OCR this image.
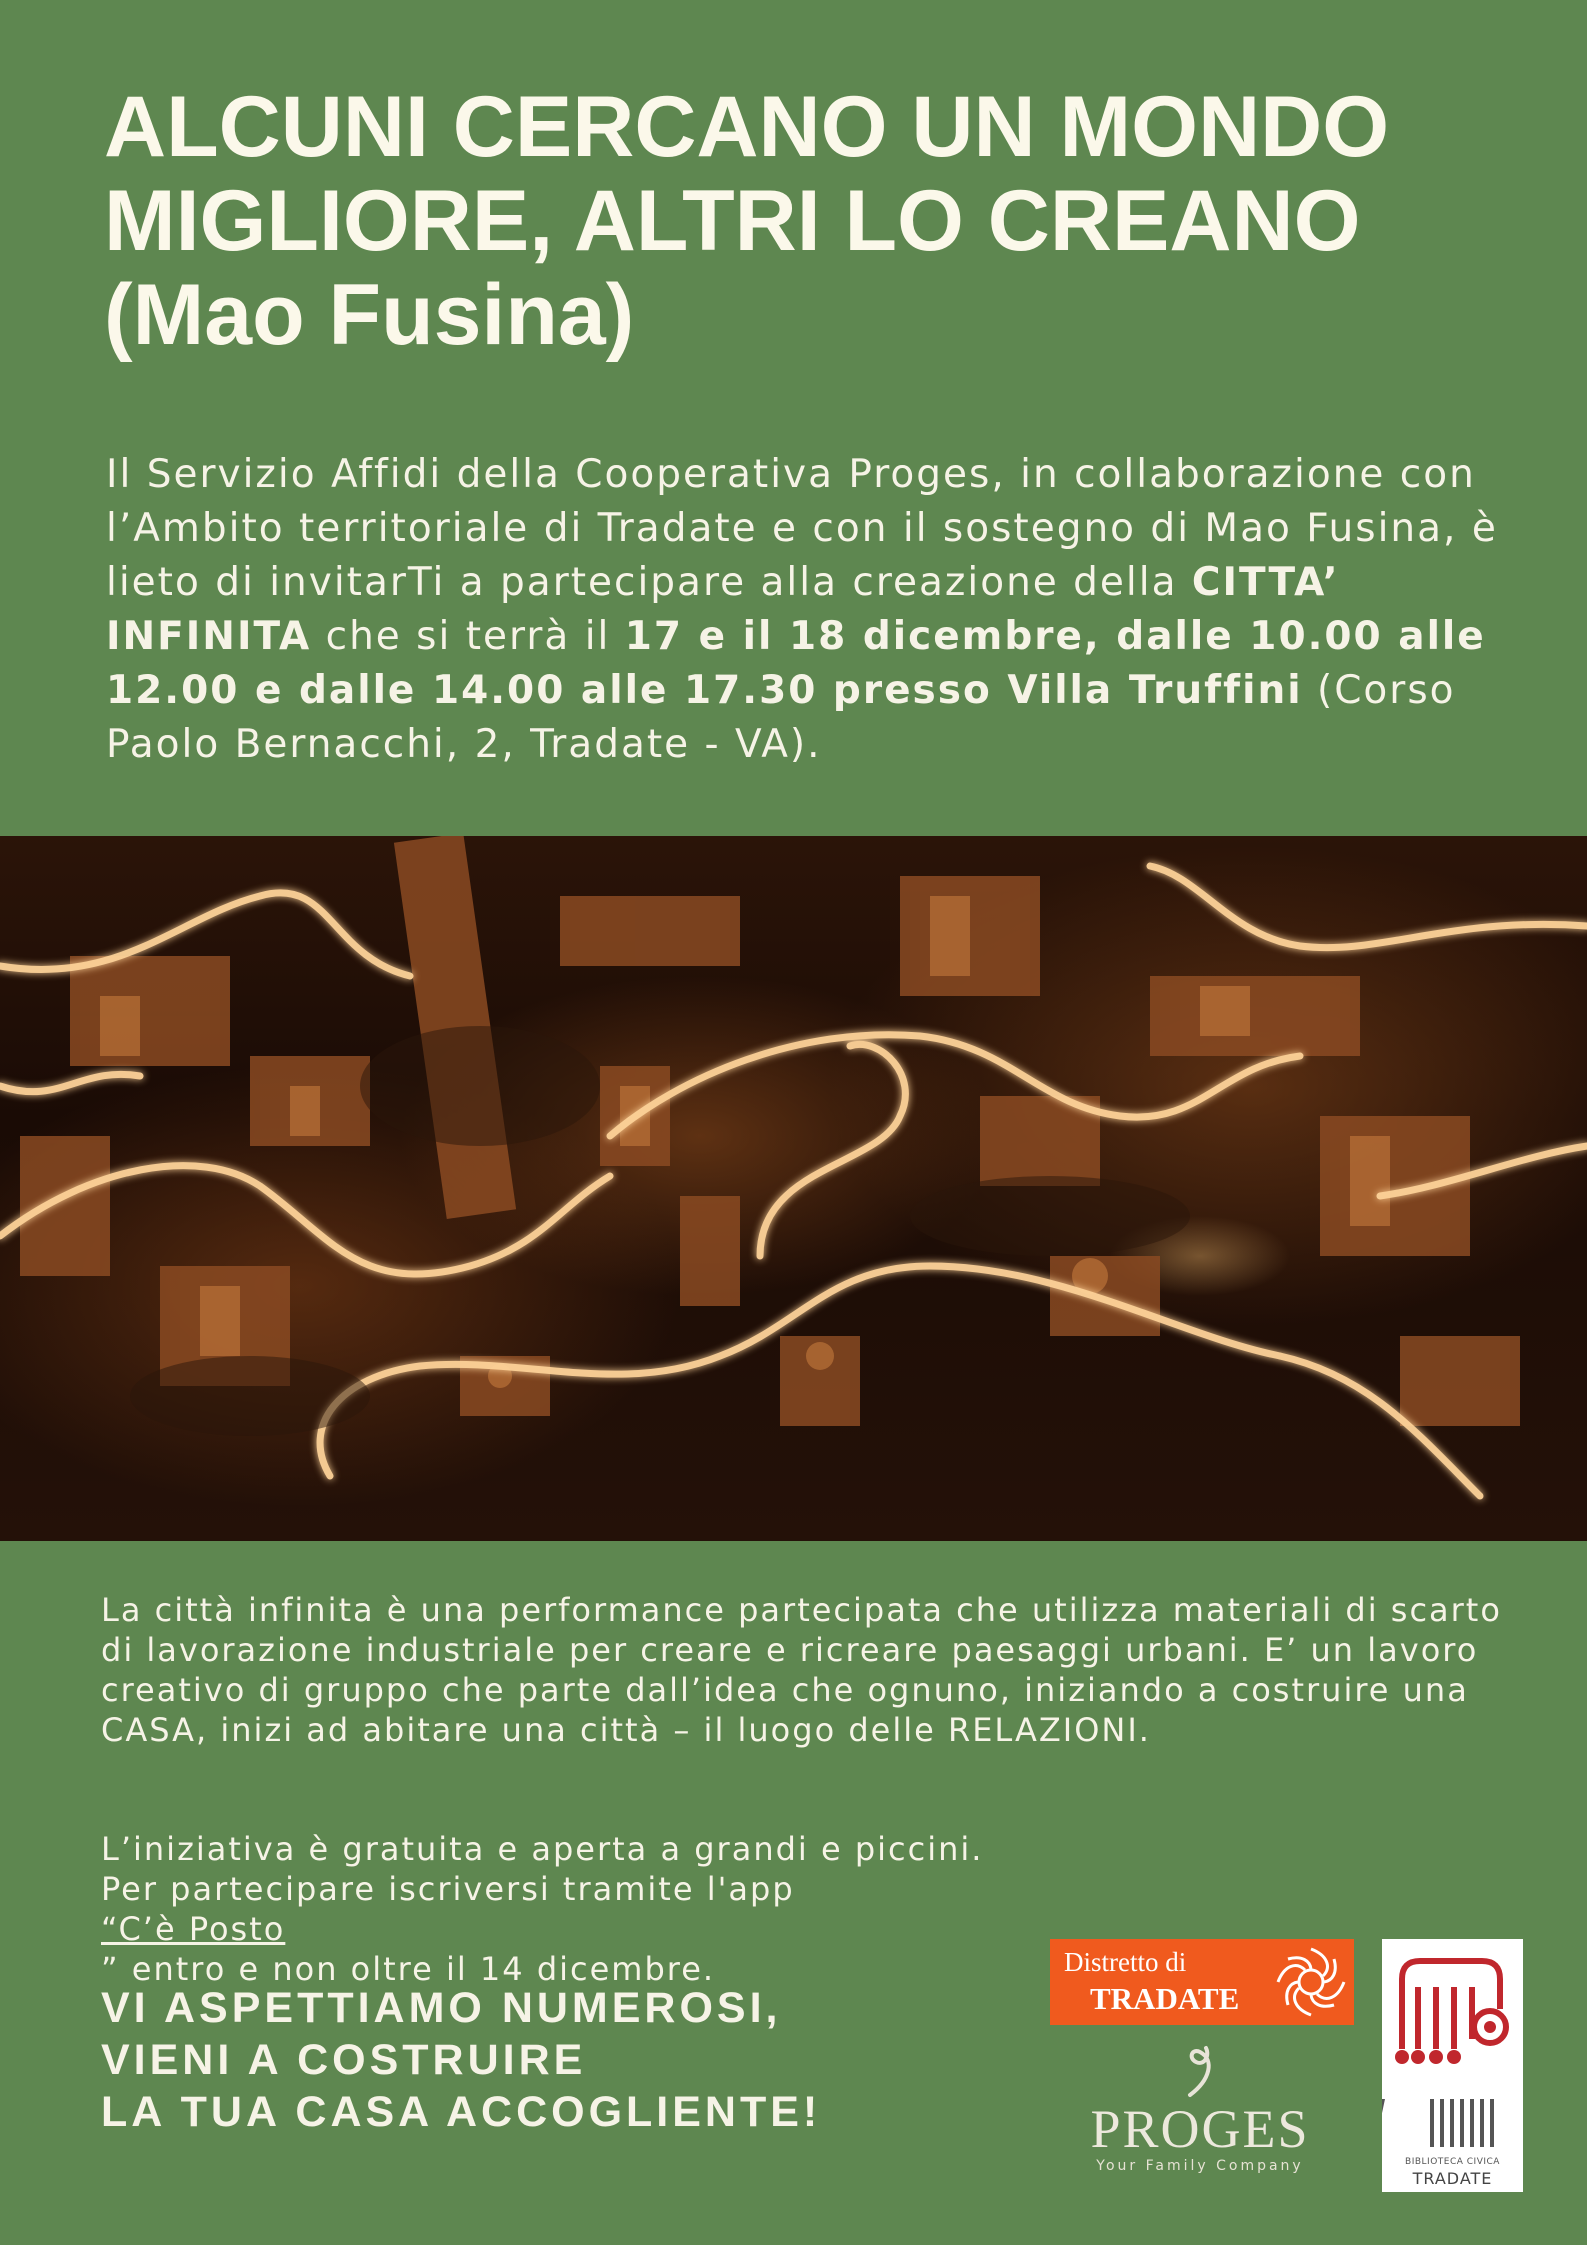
ALCUNI CERCANO UN MONDO
MIGLIORE, ALTRI LO CREANO
(Mao Fusina)

Il Servizio Affidi della Cooperativa Proges, in collaborazione con l’Ambito territoriale di Tradate e con il sostegno di Mao Fusina, è lieto di invitarTi a partecipare alla creazione della CITTA’ INFINITA che si terrà il 17 e il 18 dicembre, dalle 10.00 alle 12.00 e dalle 14.00 alle 17.30 presso Villa Truffini (Corso Paolo Bernacchi, 2, Tradate - VA).

La città infinita è una performance partecipata che utilizza materiali di scarto di lavorazione industriale per creare e ricreare paesaggi urbani. E’ un lavoro creativo di gruppo che parte dall’idea che ognuno, iniziando a costruire una CASA, inizi ad abitare una città – il luogo delle RELAZIONI.

L’iniziativa è gratuita e aperta a grandi e piccini.
Per partecipare iscriversi tramite l'app
“C’è Posto
” entro e non oltre il 14 dicembre.

VI ASPETTIAMO NUMEROSI,
VIENI A COSTRUIRE
LA TUA CASA ACCOGLIENTE!

Distretto di
TRADATE
PROGES
Your Family Company	BIBLIOTECA CIVICA
TRADATE
